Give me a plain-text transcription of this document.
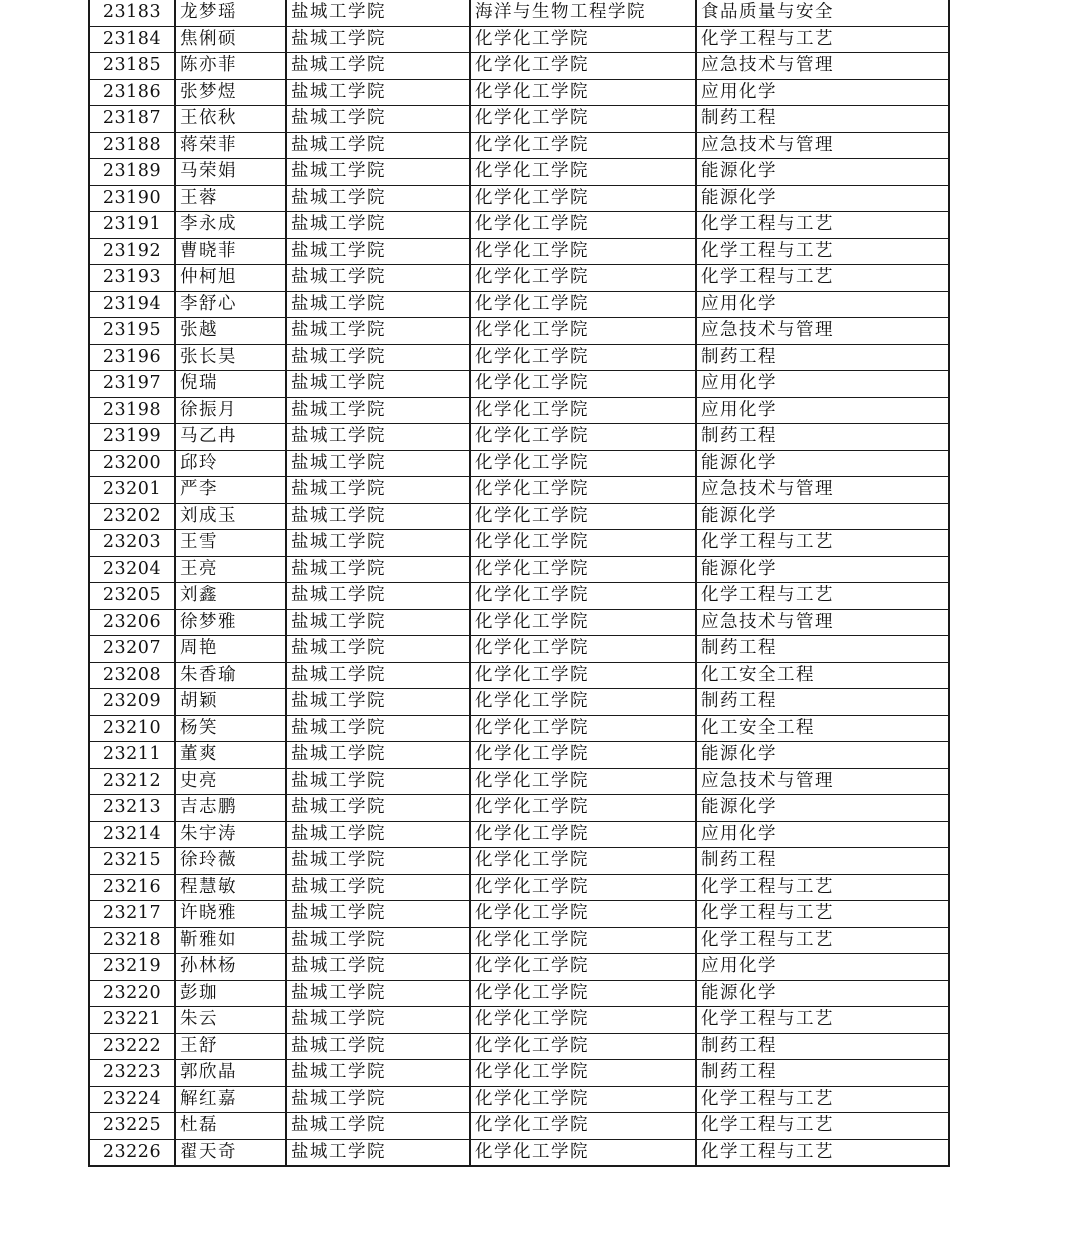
23183	龙梦瑶	盐城工学院	海洋与生物工程学院	食品质量与安全
23184	焦俐硕	盐城工学院	化学化工学院	化学工程与工艺
23185	陈亦菲	盐城工学院	化学化工学院	应急技术与管理
23186	张梦煜	盐城工学院	化学化工学院	应用化学
23187	王依秋	盐城工学院	化学化工学院	制药工程
23188	蒋荣菲	盐城工学院	化学化工学院	应急技术与管理
23189	马荣娟	盐城工学院	化学化工学院	能源化学
23190	王蓉	盐城工学院	化学化工学院	能源化学
23191	李永成	盐城工学院	化学化工学院	化学工程与工艺
23192	曹晓菲	盐城工学院	化学化工学院	化学工程与工艺
23193	仲柯旭	盐城工学院	化学化工学院	化学工程与工艺
23194	李舒心	盐城工学院	化学化工学院	应用化学
23195	张越	盐城工学院	化学化工学院	应急技术与管理
23196	张长昊	盐城工学院	化学化工学院	制药工程
23197	倪瑞	盐城工学院	化学化工学院	应用化学
23198	徐振月	盐城工学院	化学化工学院	应用化学
23199	马乙冉	盐城工学院	化学化工学院	制药工程
23200	邱玲	盐城工学院	化学化工学院	能源化学
23201	严李	盐城工学院	化学化工学院	应急技术与管理
23202	刘成玉	盐城工学院	化学化工学院	能源化学
23203	王雪	盐城工学院	化学化工学院	化学工程与工艺
23204	王亮	盐城工学院	化学化工学院	能源化学
23205	刘鑫	盐城工学院	化学化工学院	化学工程与工艺
23206	徐梦雅	盐城工学院	化学化工学院	应急技术与管理
23207	周艳	盐城工学院	化学化工学院	制药工程
23208	朱香瑜	盐城工学院	化学化工学院	化工安全工程
23209	胡颖	盐城工学院	化学化工学院	制药工程
23210	杨笑	盐城工学院	化学化工学院	化工安全工程
23211	董爽	盐城工学院	化学化工学院	能源化学
23212	史亮	盐城工学院	化学化工学院	应急技术与管理
23213	吉志鹏	盐城工学院	化学化工学院	能源化学
23214	朱宇涛	盐城工学院	化学化工学院	应用化学
23215	徐玲薇	盐城工学院	化学化工学院	制药工程
23216	程慧敏	盐城工学院	化学化工学院	化学工程与工艺
23217	许晓雅	盐城工学院	化学化工学院	化学工程与工艺
23218	靳雅如	盐城工学院	化学化工学院	化学工程与工艺
23219	孙林杨	盐城工学院	化学化工学院	应用化学
23220	彭珈	盐城工学院	化学化工学院	能源化学
23221	朱云	盐城工学院	化学化工学院	化学工程与工艺
23222	王舒	盐城工学院	化学化工学院	制药工程
23223	郭欣晶	盐城工学院	化学化工学院	制药工程
23224	解红嘉	盐城工学院	化学化工学院	化学工程与工艺
23225	杜磊	盐城工学院	化学化工学院	化学工程与工艺
23226	翟天奇	盐城工学院	化学化工学院	化学工程与工艺
